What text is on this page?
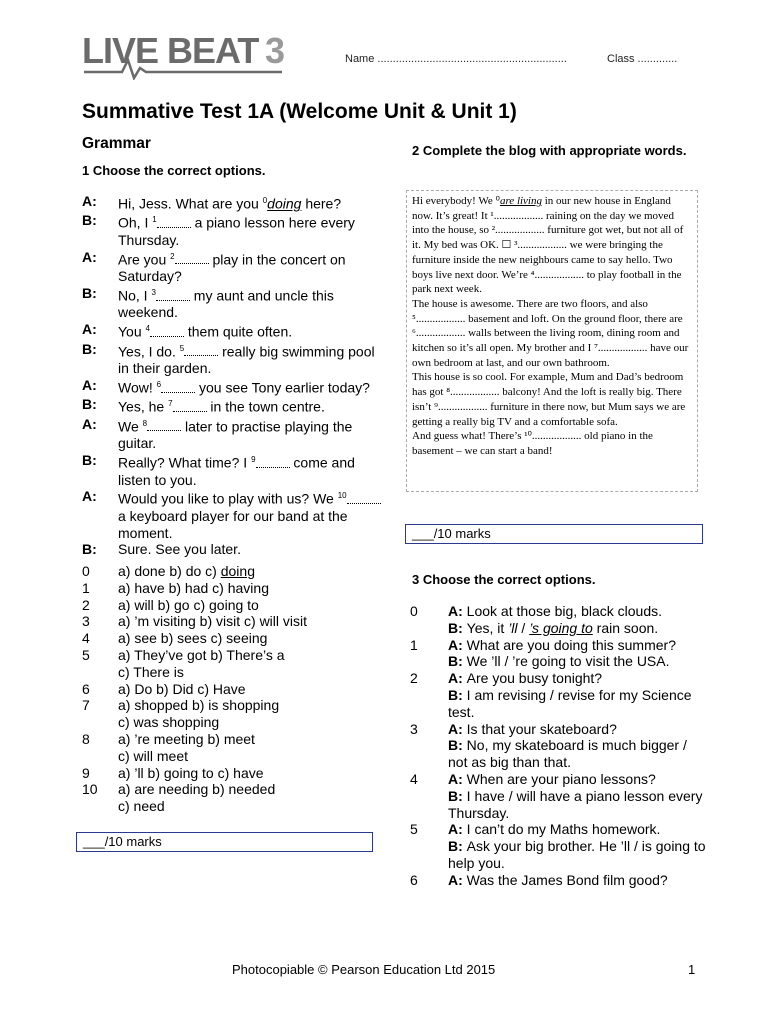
LIVE BEAT 3	Name ..............................................................	Class .............
Summative Test 1A (Welcome Unit & Unit 1)
Grammar
1 Choose the correct options.
A:	Hi, Jess. What are you $^0$doing here?
B:	Oh, I $^1$ a piano lesson here every Thursday.
A:	Are you $^2$ play in the concert on Saturday?
B:	No, I $^3$ my aunt and uncle this weekend.
A:	You $^4$ them quite often.
B:	Yes, I do. $^5$ really big swimming pool in their garden.
A:	Wow! $^6$ you see Tony earlier today?
B:	Yes, he $^7$ in the town centre.
A:	We $^8$ later to practise playing the guitar.
B:	Really? What time? I $^9$ come and listen to you.
A:	Would you like to play with us? We $^{10}$ a keyboard player for our band at the moment.
B:	Sure. See you later.
0	a) done b) do c) doing
1	a) have b) had c) having
2	a) will b) go c) going to
3	a) ’m visiting b) visit c) will visit
4	a) see b) sees c) seeing
5	a) They’ve got b) There’s a
c) There is
6	a) Do b) Did c) Have
7	a) shopped b) is shopping
c) was shopping
8	a) ’re meeting b) meet
c) will meet
9	a) ’ll b) going to c) have
10	a) are needing b) needed
c) need
___/10 marks
2 Complete the blog with appropriate words.
Hi everybody! We ⁰are living in our new house in England now. It’s great! It ¹.................. raining on the day we moved into the house, so ².................. furniture got wet, but not all of it. My bed was OK. ☐ ³.................. we were bringing the furniture inside the new neighbours came to say hello. Two boys live next door. We’re ⁴.................. to play football in the park next week.
The house is awesome. There are two floors, and also ⁵.................. basement and loft. On the ground floor, there are ⁶.................. walls between the living room, dining room and kitchen so it’s all open. My brother and I ⁷.................. have our own bedroom at last, and our own bathroom.
This house is so cool. For example, Mum and Dad’s bedroom has got ⁸.................. balcony! And the loft is really big. There isn’t ⁹.................. furniture in there now, but Mum says we are getting a really big TV and a comfortable sofa.
And guess what! There’s ¹⁰.................. old piano in the basement – we can start a band!
___/10 marks
3 Choose the correct options.
0	A: Look at those big, black clouds.
B: Yes, it ’ll / ’s going to rain soon.
1	A: What are you doing this summer?
B: We ’ll / ’re going to visit the USA.
2	A: Are you busy tonight?
B: I am revising / revise for my Science test.
3	A: Is that your skateboard?
B: No, my skateboard is much bigger / not as big than that.
4	A: When are your piano lessons?
B: I have / will have a piano lesson every Thursday.
5	A: I can’t do my Maths homework.
B: Ask your big brother. He ’ll / is going to help you.
6	A: Was the James Bond film good?
Photocopiable © Pearson Education Ltd 2015	1
